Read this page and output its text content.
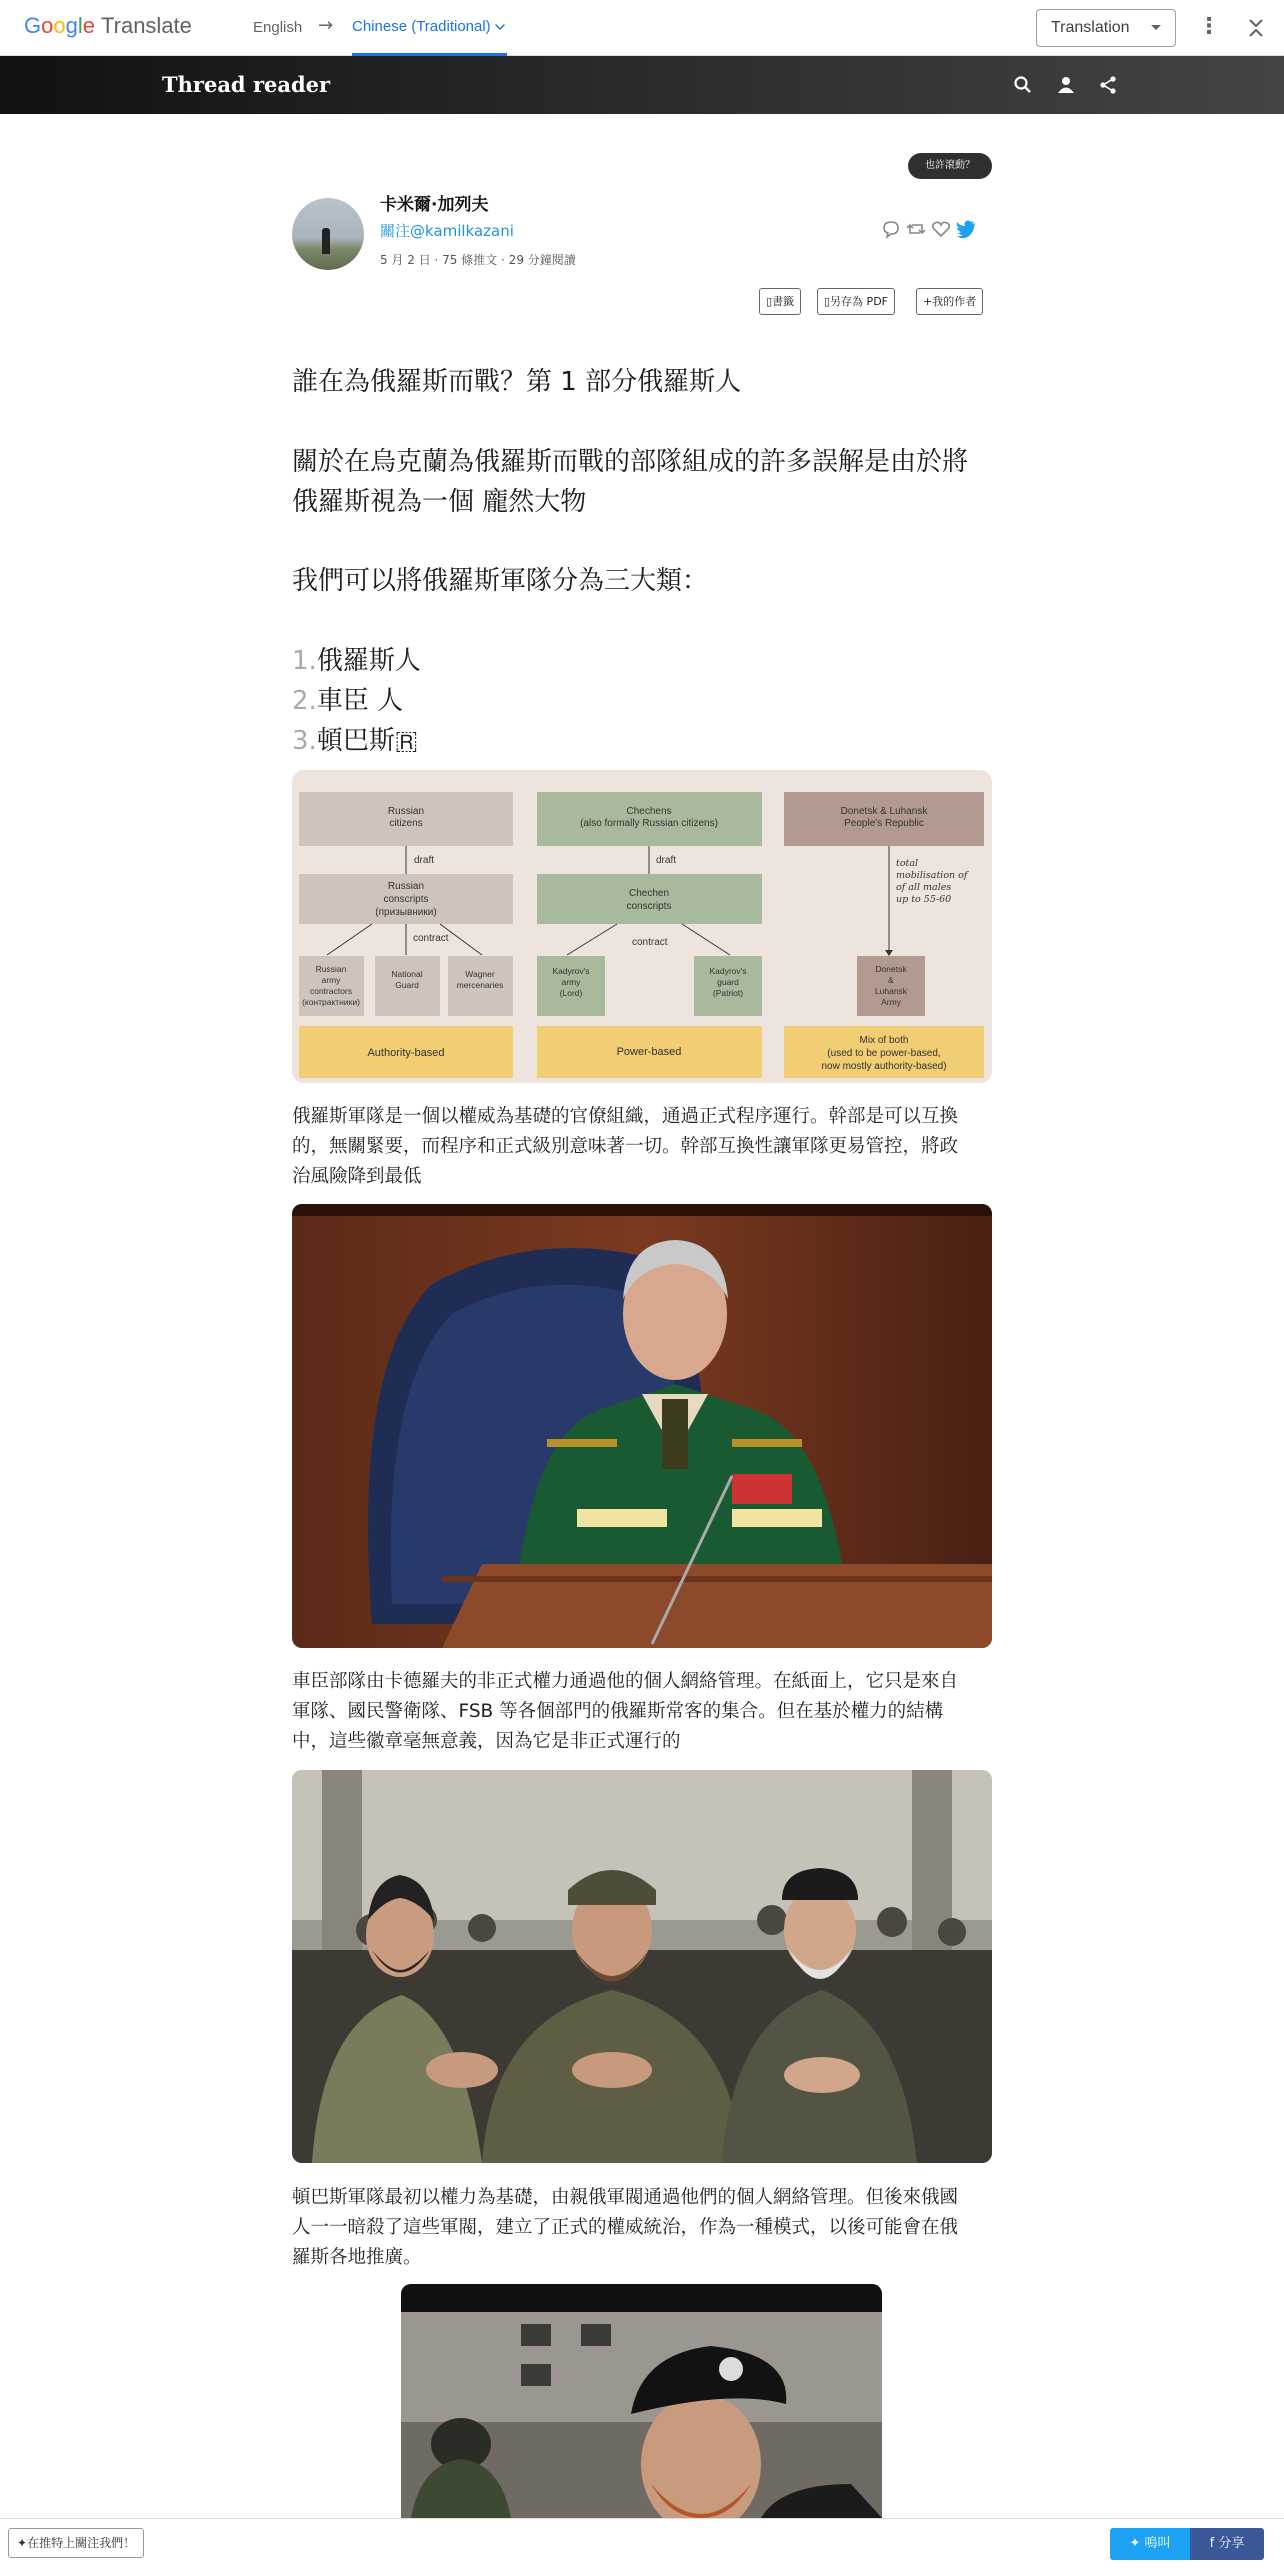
Google Translate	English → Chinese (Traditional)	Translation	⋮
Thread reader
也許滾動？
卡米爾·加列夫
關注@kamilkazani
5 月 2 日 · 75 條推文 · 29 分鐘閱讀
▯書籤	▯另存為 PDF	+我的作者
誰在為俄羅斯而戰？第 1 部分俄羅斯人
關於在烏克蘭為俄羅斯而戰的部隊組成的許多誤解是由於將
俄羅斯視為一個 龐然大物
我們可以將俄羅斯軍隊分為三大類：
1.俄羅斯人
2.車臣 人
3.頓巴斯🇷
Russian
citizens
draft
Russian
conscripts
(призывники)
contract
Russian
army
contractors
(контрактники)
National
Guard
Wagner
mercenaries
Authority-based
Chechens
(also formally Russian citizens)
draft
Chechen
conscripts
contract
Kadyrov's
army
(Lord)
Kadyrov's
guard
(Patriot)
Power-based
Donetsk & Luhansk
People's Republic
total
mobilisation of
of all males
up to 55-60
Donetsk
&
Luhansk
Army
Mix of both
(used to be power-based,
now mostly authority-based)
俄羅斯軍隊是一個以權威為基礎的官僚組織，通過正式程序運行。幹部是可以互換
的，無關緊要，而程序和正式級別意味著一切。幹部互換性讓軍隊更易管控，將政
治風險降到最低
車臣部隊由卡德羅夫的非正式權力通過他的個人網絡管理。在紙面上，它只是來自
軍隊、國民警衛隊、FSB 等各個部門的俄羅斯常客的集合。但在基於權力的結構
中，這些徽章毫無意義，因為它是非正式運行的
頓巴斯軍隊最初以權力為基礎，由親俄軍閥通過他們的個人網絡管理。但後來俄國
人一一暗殺了這些軍閥，建立了正式的權威統治，作為一種模式，以後可能會在俄
羅斯各地推廣。
✦在推特上關注我們！	✦ 鳴叫	f 分享
